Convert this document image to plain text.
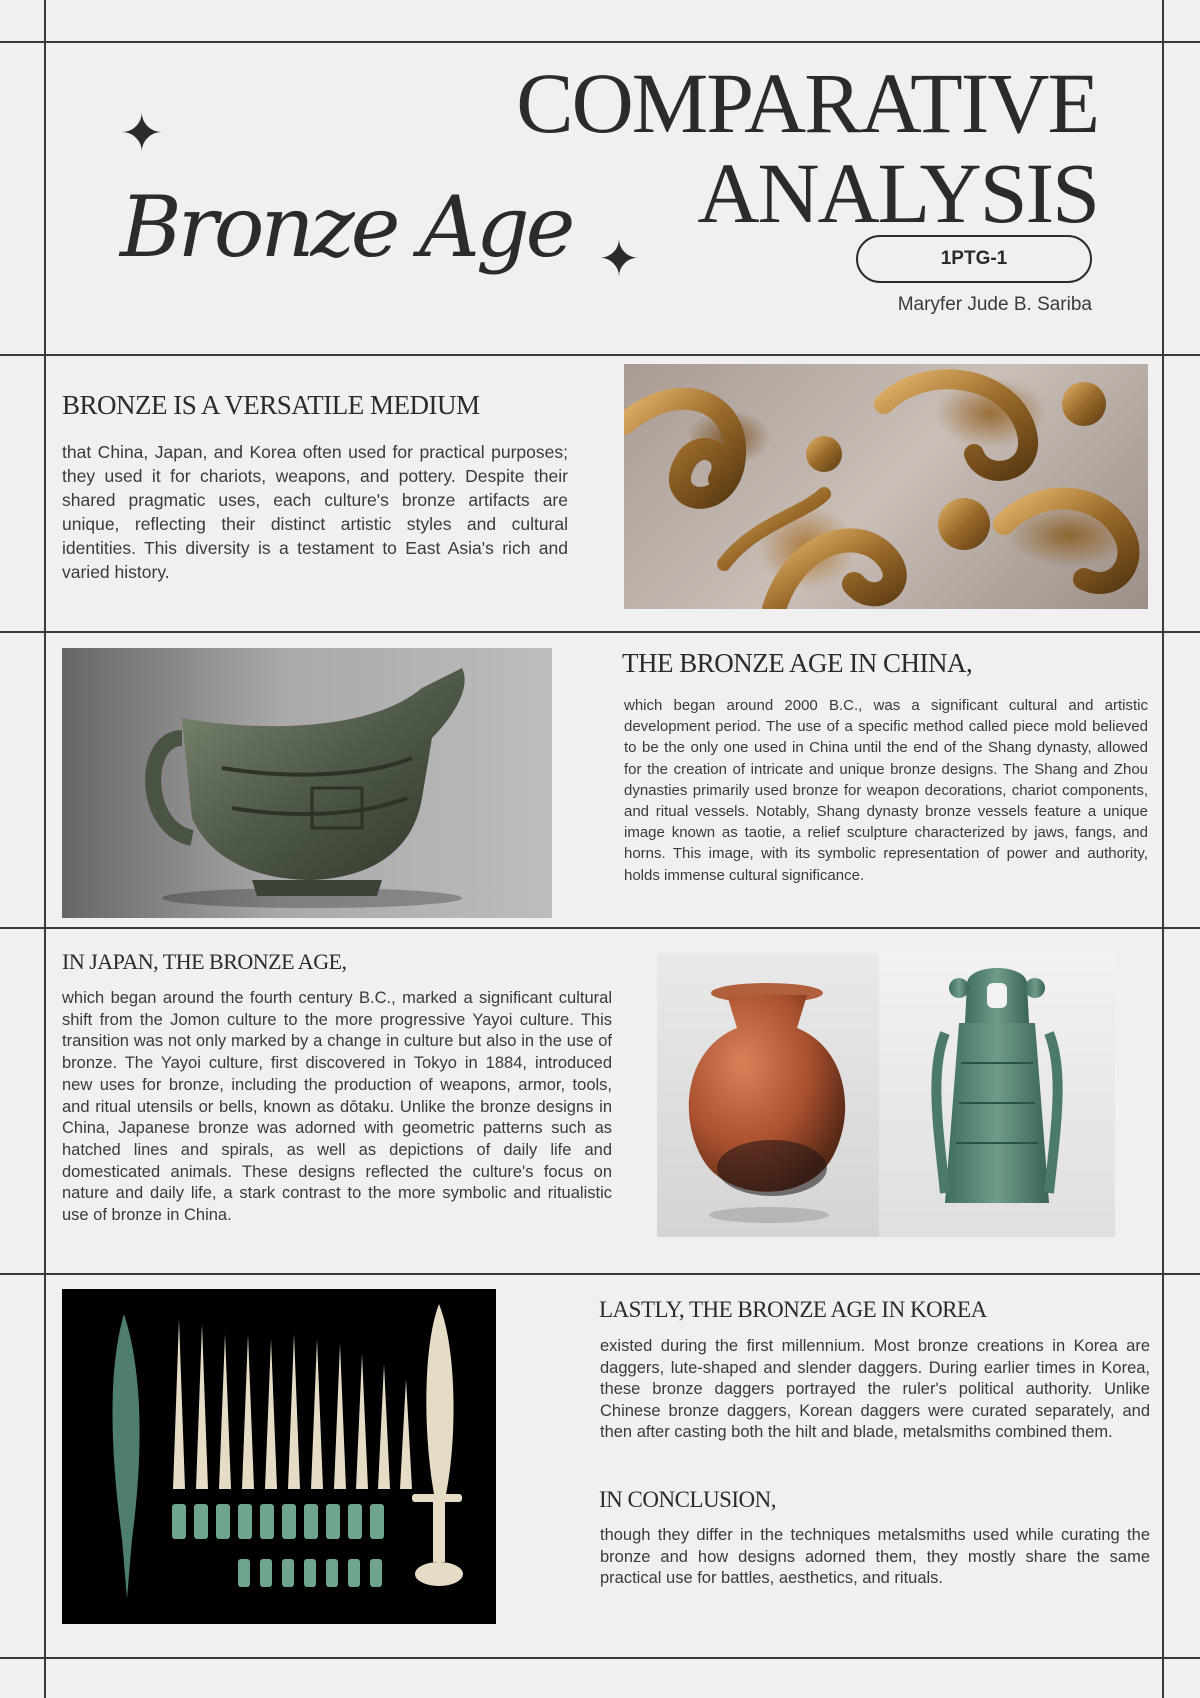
COMPARATIVE
ANALYSIS
Bronze Age
✦
✦	1PTG-1
Maryfer Jude B. Sariba
BRONZE IS A VERSATILE MEDIUM

that China, Japan, and Korea often used for practical purposes; they used it for chariots, weapons, and pottery. Despite their shared pragmatic uses, each culture's bronze artifacts are unique, reflecting their distinct artistic styles and cultural identities. This diversity is a testament to East Asia's rich and varied history.

THE BRONZE AGE IN CHINA,

which began around 2000 B.C., was a significant cultural and artistic development period. The use of a specific method called piece mold believed to be the only one used in China until the end of the Shang dynasty, allowed for the creation of intricate and unique bronze designs. The Shang and Zhou dynasties primarily used bronze for weapon decorations, chariot components, and ritual vessels. Notably, Shang dynasty bronze vessels feature a unique image known as taotie, a relief sculpture characterized by jaws, fangs, and horns. This image, with its symbolic representation of power and authority, holds immense cultural significance.

IN JAPAN, THE BRONZE AGE,

which began around the fourth century B.C., marked a significant cultural shift from the Jomon culture to the more progressive Yayoi culture. This transition was not only marked by a change in culture but also in the use of bronze. The Yayoi culture, first discovered in Tokyo in 1884, introduced new uses for bronze, including the production of weapons, armor, tools, and ritual utensils or bells, known as dōtaku. Unlike the bronze designs in China, Japanese bronze was adorned with geometric patterns such as hatched lines and spirals, as well as depictions of daily life and domesticated animals. These designs reflected the culture's focus on nature and daily life, a stark contrast to the more symbolic and ritualistic use of bronze in China.

LASTLY, THE BRONZE AGE IN KOREA

existed during the first millennium. Most bronze creations in Korea are daggers, lute-shaped and slender daggers. During earlier times in Korea, these bronze daggers portrayed the ruler's political authority. Unlike Chinese bronze daggers, Korean daggers were curated separately, and then after casting both the hilt and blade, metalsmiths combined them.

IN CONCLUSION,

though they differ in the techniques metalsmiths used while curating the bronze and how designs adorned them, they mostly share the same practical use for battles, aesthetics, and rituals.
